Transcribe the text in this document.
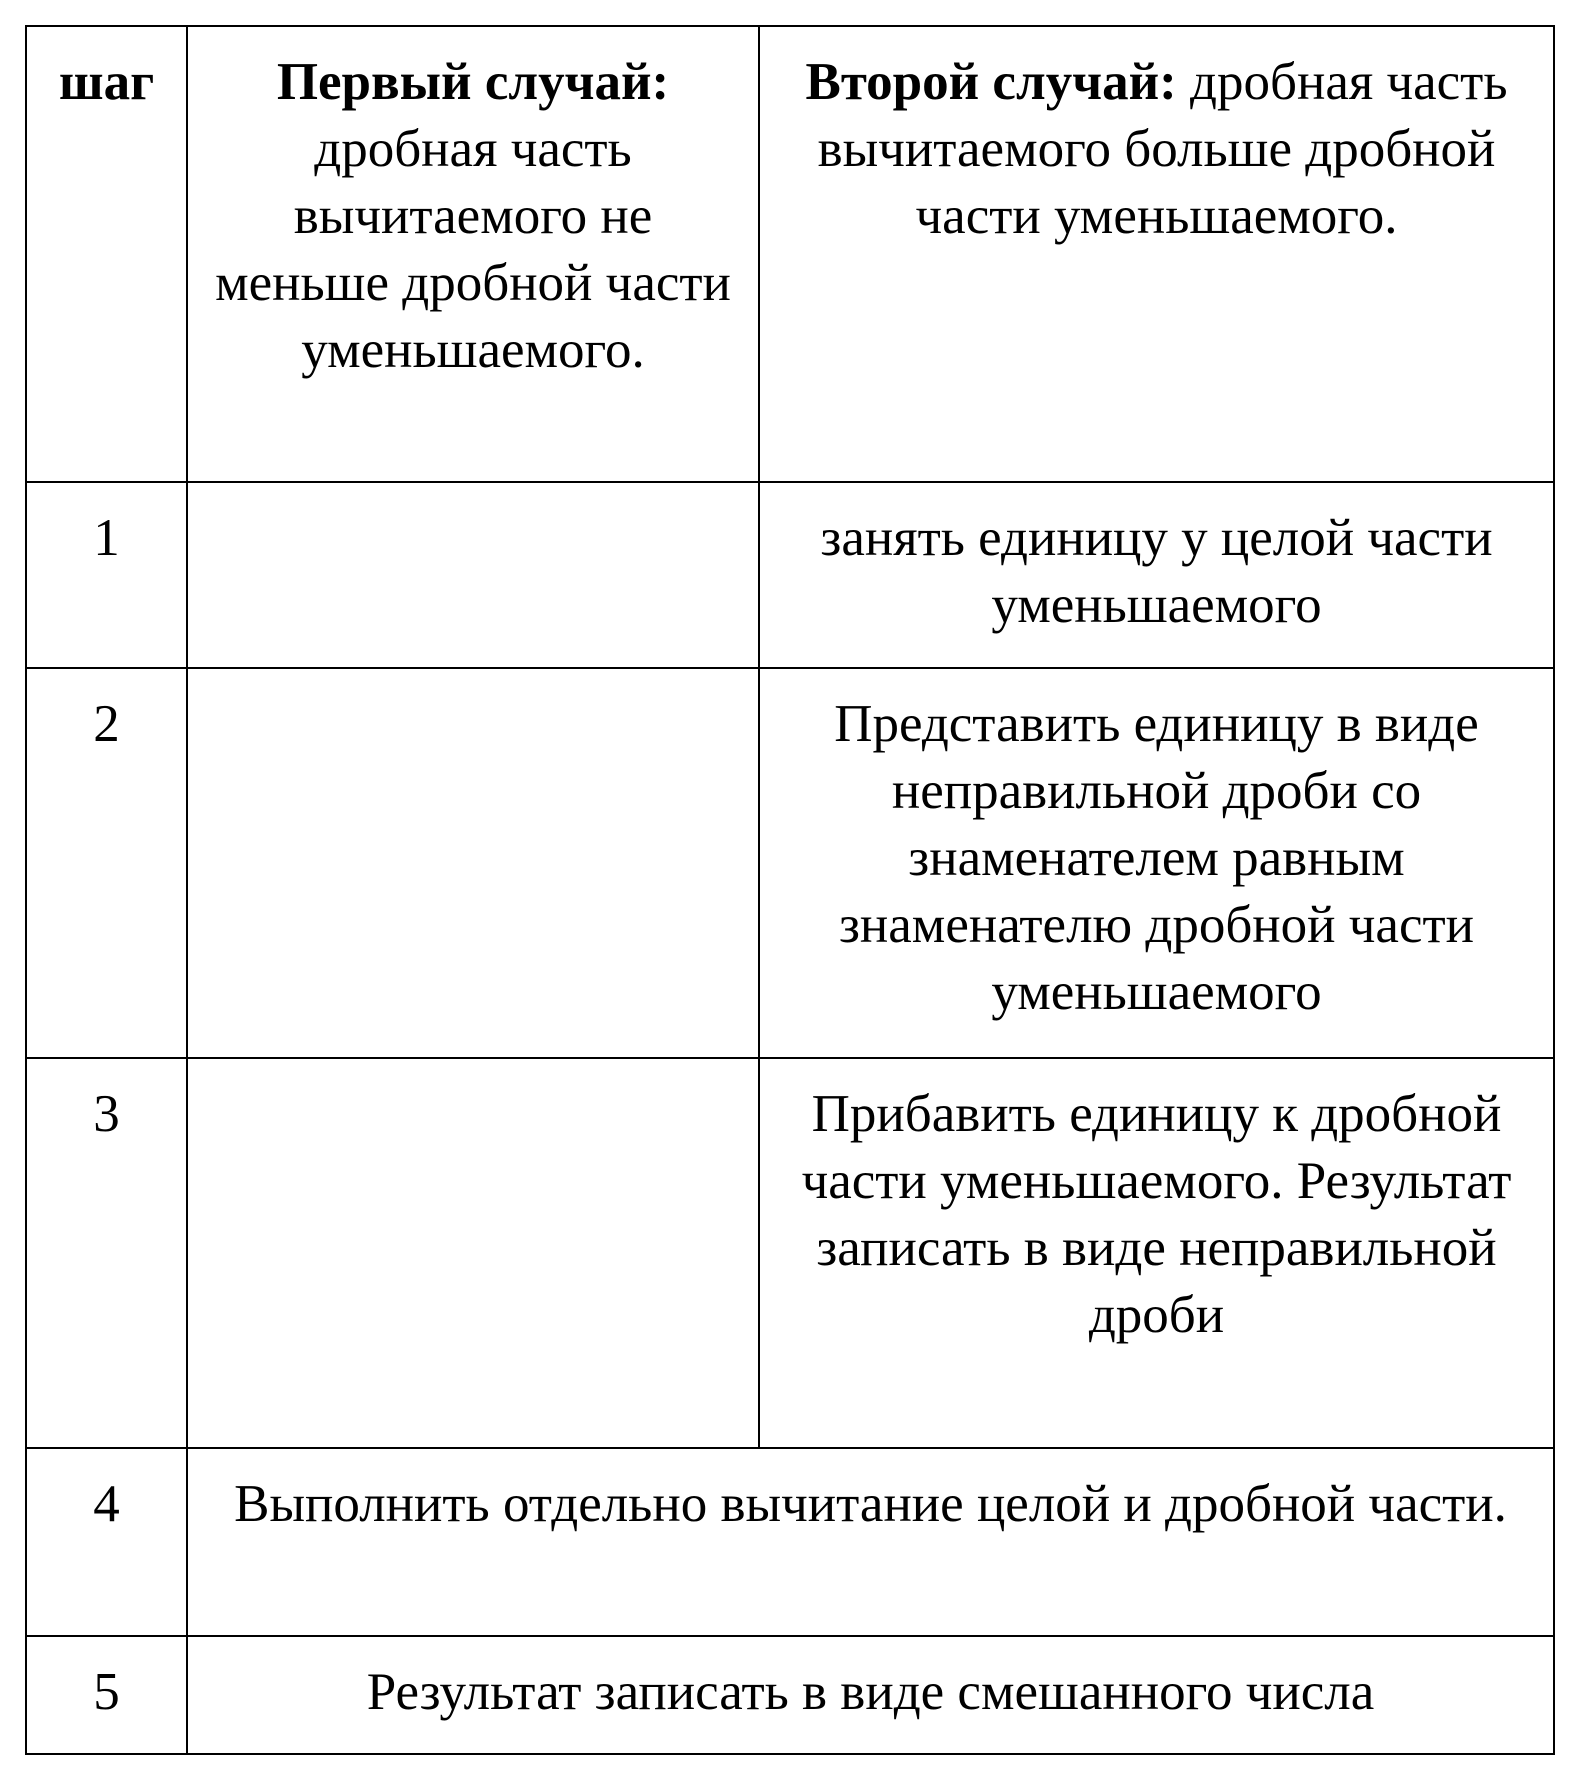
шаг	Первый случай: дробная часть вычитаемого не меньше дробной части уменьшаемого.	Второй случай: дробная часть вычитаемого больше дробной части уменьшаемого.
1		занять единицу у целой части уменьшаемого
2		Представить единицу в виде неправильной дроби со знаменателем равным знаменателю дробной части уменьшаемого
3		Прибавить единицу к дробной части уменьшаемого. Результат записать в виде неправильной дроби
4	Выполнить отдельно вычитание целой и дробной части.	
5	Результат записать в виде смешанного числа	
